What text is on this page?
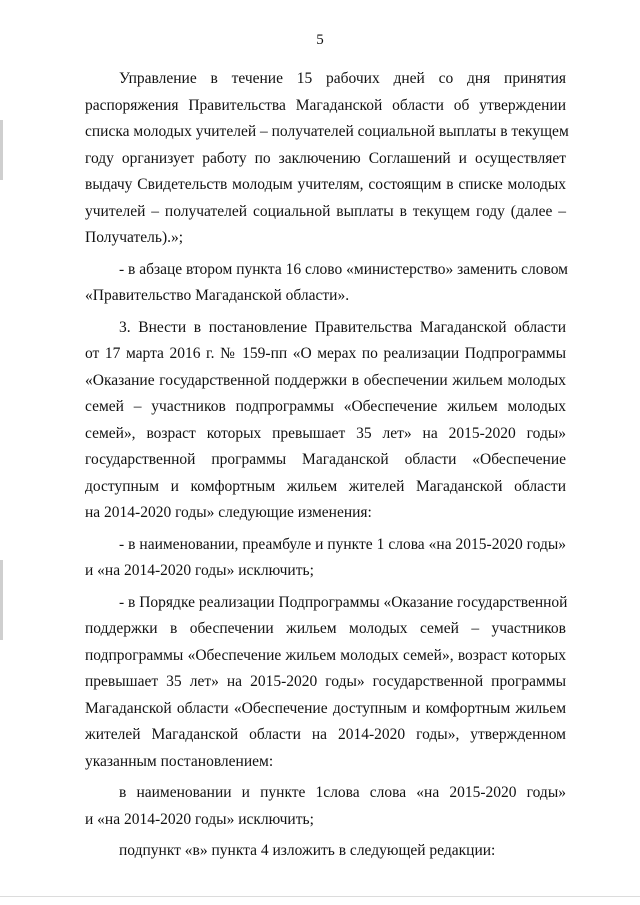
5
Управление в течение 15 рабочих дней со дня принятия
распоряжения Правительства Магаданской области об утверждении
списка молодых учителей – получателей социальной выплаты в текущем
году организует работу по заключению Соглашений и осуществляет
выдачу Свидетельств молодым учителям, состоящим в списке молодых
учителей – получателей социальной выплаты в текущем году (далее –
Получатель).»;
- в абзаце втором пункта 16 слово «министерство» заменить словом
«Правительство Магаданской области».
3. Внести в постановление Правительства Магаданской области
от 17 марта 2016 г. № 159-пп «О мерах по реализации Подпрограммы
«Оказание государственной поддержки в обеспечении жильем молодых
семей – участников подпрограммы «Обеспечение жильем молодых
семей», возраст которых превышает 35 лет» на 2015-2020 годы»
государственной программы Магаданской области «Обеспечение
доступным и комфортным жильем жителей Магаданской области
на 2014-2020 годы» следующие изменения:
- в наименовании, преамбуле и пункте 1 слова «на 2015-2020 годы»
и «на 2014-2020 годы» исключить;
- в Порядке реализации Подпрограммы «Оказание государственной
поддержки в обеспечении жильем молодых семей – участников
подпрограммы «Обеспечение жильем молодых семей», возраст которых
превышает 35 лет» на 2015-2020 годы» государственной программы
Магаданской области «Обеспечение доступным и комфортным жильем
жителей Магаданской области на 2014-2020 годы», утвержденном
указанным постановлением:
в наименовании и пункте 1слова слова «на 2015-2020 годы»
и «на 2014-2020 годы» исключить;
подпункт «в» пункта 4 изложить в следующей редакции:
